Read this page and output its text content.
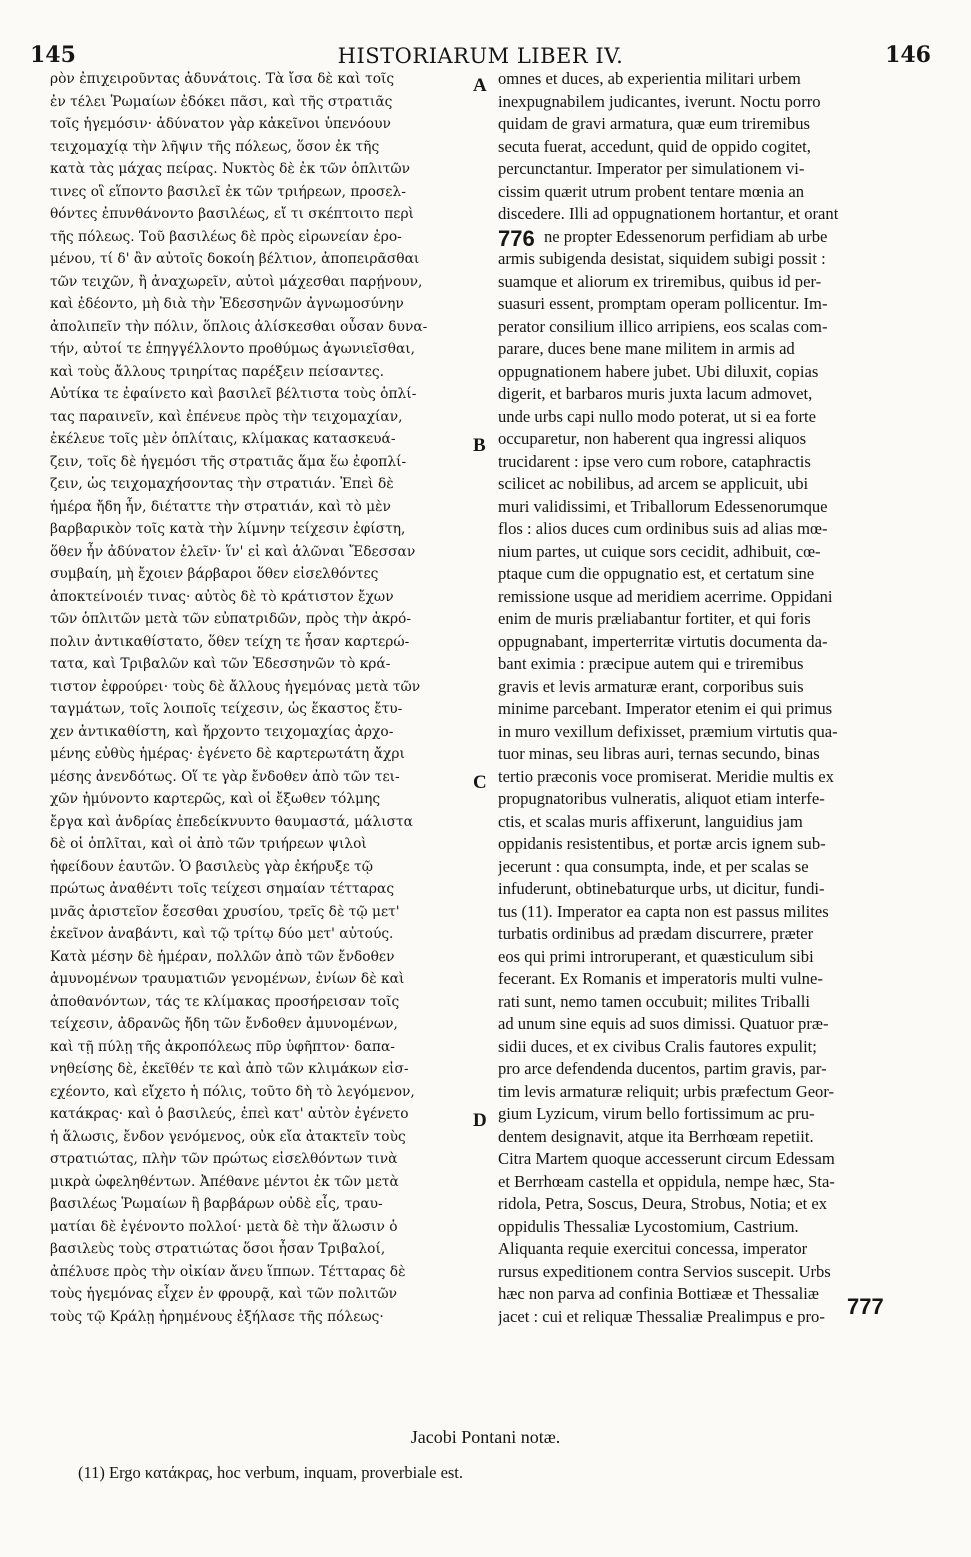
145	HISTORIARUM LIBER IV.	146
ρὸν ἐπιχειροῦντας ἀδυνάτοις. Τὰ ἴσα δὲ καὶ τοῖς
ἐν τέλει Ῥωμαίων ἐδόκει πᾶσι, καὶ τῆς στρατιᾶς
τοῖς ἡγεμόσιν· ἀδύνατον γὰρ κἀκεῖνοι ὑπενόουν
τειχομαχίᾳ τὴν λῆψιν τῆς πόλεως, ὅσον ἐκ τῆς
κατὰ τὰς μάχας πείρας. Νυκτὸς δὲ ἐκ τῶν ὁπλιτῶν
τινες οἳ εἵποντο βασιλεῖ ἐκ τῶν τριήρεων, προσελ-
θόντες ἐπυνθάνοντο βασιλέως, εἴ τι σκέπτοιτο περὶ
τῆς πόλεως. Τοῦ βασιλέως δὲ πρὸς εἰρωνείαν ἐρο-
μένου, τί δ' ἂν αὐτοῖς δοκοίη βέλτιον, ἀποπειρᾶσθαι
τῶν τειχῶν, ἢ ἀναχωρεῖν, αὐτοὶ μάχεσθαι παρῄνουν,
καὶ ἐδέοντο, μὴ διὰ τὴν Ἐδεσσηνῶν ἀγνωμοσύνην
ἀπολιπεῖν τὴν πόλιν, ὅπλοις ἁλίσκεσθαι οὖσαν δυνα-
τήν, αὐτοί τε ἐπηγγέλλοντο προθύμως ἀγωνιεῖσθαι,
καὶ τοὺς ἄλλους τριηρίτας παρέξειν πείσαντες.
Αὐτίκα τε ἐφαίνετο καὶ βασιλεῖ βέλτιστα τοὺς ὁπλί-
τας παραινεῖν, καὶ ἐπένευε πρὸς τὴν τειχομαχίαν,
ἐκέλευε τοῖς μὲν ὁπλίταις, κλίμακας κατασκευά-
ζειν, τοῖς δὲ ἡγεμόσι τῆς στρατιᾶς ἅμα ἕω ἐφοπλί-
ζειν, ὡς τειχομαχήσοντας τὴν στρατιάν. Ἐπεὶ δὲ
ἡμέρα ἤδη ἦν, διέταττε τὴν στρατιάν, καὶ τὸ μὲν
βαρβαρικὸν τοῖς κατὰ τὴν λίμνην τείχεσιν ἐφίστη,
ὅθεν ἦν ἀδύνατον ἑλεῖν· ἵν' εἰ καὶ ἁλῶναι Ἔδεσσαν
συμβαίη, μὴ ἔχοιεν βάρβαροι ὅθεν εἰσελθόντες
ἀποκτείνοιέν τινας· αὐτὸς δὲ τὸ κράτιστον ἔχων
τῶν ὁπλιτῶν μετὰ τῶν εὐπατριδῶν, πρὸς τὴν ἀκρό-
πολιν ἀντικαθίστατο, ὅθεν τείχη τε ἦσαν καρτερώ-
τατα, καὶ Τριβαλῶν καὶ τῶν Ἐδεσσηνῶν τὸ κρά-
τιστον ἐφρούρει· τοὺς δὲ ἄλλους ἡγεμόνας μετὰ τῶν
ταγμάτων, τοῖς λοιποῖς τείχεσιν, ὡς ἕκαστος ἔτυ-
χεν ἀντικαθίστη, καὶ ἤρχοντο τειχομαχίας ἀρχο-
μένης εὐθὺς ἡμέρας· ἐγένετο δὲ καρτερωτάτη ἄχρι
μέσης ἀνενδότως. Οἵ τε γὰρ ἔνδοθεν ἀπὸ τῶν τει-
χῶν ἠμύνοντο καρτερῶς, καὶ οἱ ἔξωθεν τόλμης
ἔργα καὶ ἀνδρίας ἐπεδείκνυντο θαυμαστά, μάλιστα
δὲ οἱ ὁπλῖται, καὶ οἱ ἀπὸ τῶν τριήρεων ψιλοὶ
ἠφείδουν ἑαυτῶν. Ὁ βασιλεὺς γὰρ ἐκήρυξε τῷ
πρώτως ἀναθέντι τοῖς τείχεσι σημαίαν τέτταρας
μνᾶς ἀριστεῖον ἔσεσθαι χρυσίου, τρεῖς δὲ τῷ μετ'
ἐκεῖνον ἀναβάντι, καὶ τῷ τρίτῳ δύο μετ' αὐτούς.
Κατὰ μέσην δὲ ἡμέραν, πολλῶν ἀπὸ τῶν ἔνδοθεν
ἀμυνομένων τραυματιῶν γενομένων, ἐνίων δὲ καὶ
ἀποθανόντων, τάς τε κλίμακας προσήρεισαν τοῖς
τείχεσιν, ἀδρανῶς ἤδη τῶν ἔνδοθεν ἀμυνομένων,
καὶ τῇ πύλῃ τῆς ἀκροπόλεως πῦρ ὑφῆπτον· δαπα-
νηθείσης δὲ, ἐκεῖθέν τε καὶ ἀπὸ τῶν κλιμάκων εἰσ-
εχέοντο, καὶ εἴχετο ἡ πόλις, τοῦτο δὴ τὸ λεγόμενον,
κατάκρας· καὶ ὁ βασιλεύς, ἐπεὶ κατ' αὐτὸν ἐγένετο
ἡ ἅλωσις, ἔνδον γενόμενος, οὐκ εἴα ἀτακτεῖν τοὺς
στρατιώτας, πλὴν τῶν πρώτως εἰσελθόντων τινὰ
μικρὰ ὠφεληθέντων. Ἀπέθανε μέντοι ἐκ τῶν μετὰ
βασιλέως Ῥωμαίων ἢ βαρβάρων οὐδὲ εἷς, τραυ-
ματίαι δὲ ἐγένοντο πολλοί· μετὰ δὲ τὴν ἅλωσιν ὁ
βασιλεὺς τοὺς στρατιώτας ὅσοι ἦσαν Τριβαλοί,
ἀπέλυσε πρὸς τὴν οἰκίαν ἄνευ ἵππων. Τέτταρας δὲ
τοὺς ἡγεμόνας εἶχεν ἐν φρουρᾷ, καὶ τῶν πολιτῶν
τοὺς τῷ Κράλῃ ἠρημένους ἐξήλασε τῆς πόλεως·
omnes et duces, ab experientia militari urbem
inexpugnabilem judicantes, iverunt. Noctu porro
quidam de gravi armatura, quæ eum triremibus
secuta fuerat, accedunt, quid de oppido cogitet,
percunctantur. Imperator per simulationem vi-
cissim quærit utrum probent tentare mœnia an
discedere. Illi ad oppugnationem hortantur, et orant
ne propter Edessenorum perfidiam ab urbe
armis subigenda desistat, siquidem subigi possit :
suamque et aliorum ex triremibus, quibus id per-
suasuri essent, promptam operam pollicentur. Im-
perator consilium illico arripiens, eos scalas com-
parare, duces bene mane militem in armis ad
oppugnationem habere jubet. Ubi diluxit, copias
digerit, et barbaros muris juxta lacum admovet,
unde urbs capi nullo modo poterat, ut si ea forte
occuparetur, non haberent qua ingressi aliquos
trucidarent : ipse vero cum robore, cataphractis
scilicet ac nobilibus, ad arcem se applicuit, ubi
muri validissimi, et Triballorum Edessenorumque
flos : alios duces cum ordinibus suis ad alias mœ-
nium partes, ut cuique sors cecidit, adhibuit, cœ-
ptaque cum die oppugnatio est, et certatum sine
remissione usque ad meridiem acerrime. Oppidani
enim de muris præliabantur fortiter, et qui foris
oppugnabant, imperterritæ virtutis documenta da-
bant eximia : præcipue autem qui e triremibus
gravis et levis armaturæ erant, corporibus suis
minime parcebant. Imperator etenim ei qui primus
in muro vexillum defixisset, præmium virtutis qua-
tuor minas, seu libras auri, ternas secundo, binas
tertio præconis voce promiserat. Meridie multis ex
propugnatoribus vulneratis, aliquot etiam interfe-
ctis, et scalas muris affixerunt, languidius jam
oppidanis resistentibus, et portæ arcis ignem sub-
jecerunt : qua consumpta, inde, et per scalas se
infuderunt, obtinebaturque urbs, ut dicitur, fundi-
tus (11). Imperator ea capta non est passus milites
turbatis ordinibus ad prædam discurrere, præter
eos qui primi introruperant, et quæsticulum sibi
fecerant. Ex Romanis et imperatoris multi vulne-
rati sunt, nemo tamen occubuit; milites Triballi
ad unum sine equis ad suos dimissi. Quatuor præ-
sidii duces, et ex civibus Cralis fautores expulit;
pro arce defendenda ducentos, partim gravis, par-
tim levis armaturæ reliquit; urbis præfectum Geor-
gium Lyzicum, virum bello fortissimum ac pru-
dentem designavit, atque ita Berrhœam repetiit.
Citra Martem quoque accesserunt circum Edessam
et Berrhœam castella et oppidula, nempe hæc, Sta-
ridola, Petra, Soscus, Deura, Strobus, Notia; et ex
oppidulis Thessaliæ Lycostomium, Castrium.
Aliquanta requie exercitui concessa, imperator
rursus expeditionem contra Servios suscepit. Urbs
hæc non parva ad confinia Bottiææ et Thessaliæ
jacet : cui et reliquæ Thessaliæ Prealimpus e pro-
A
B
C
D
776
777
Jacobi Pontani notæ.
(11) Ergo κατάκρας, hoc verbum, inquam, proverbiale est.
